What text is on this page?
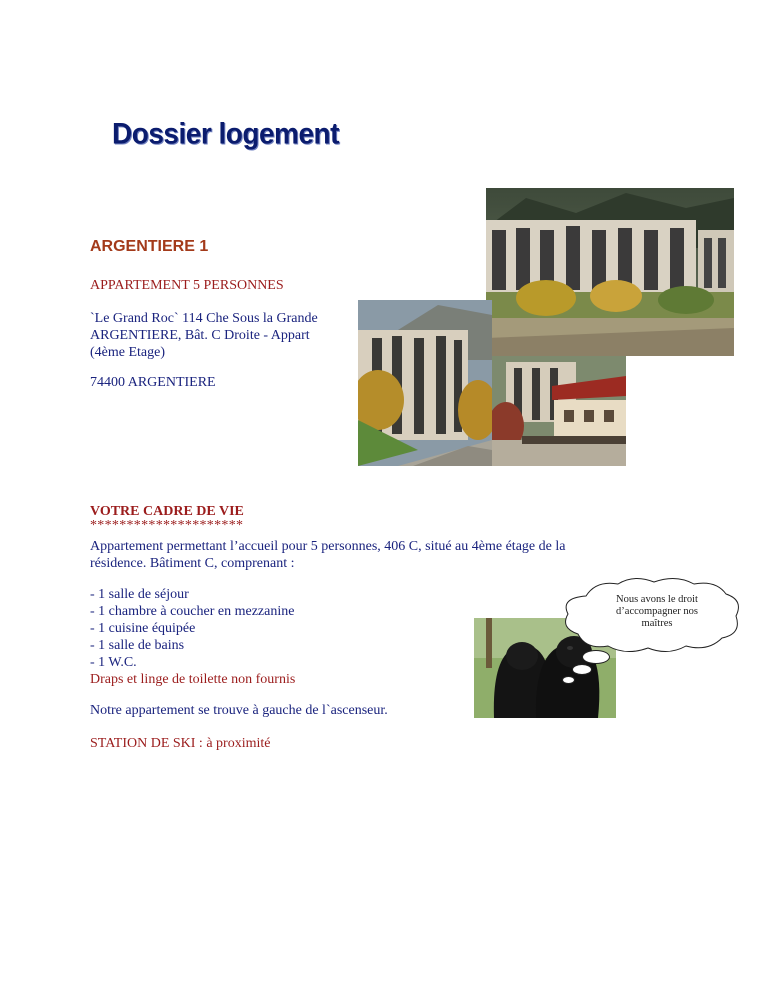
Dossier logement
ARGENTIERE 1
APPARTEMENT 5 PERSONNES
`Le Grand Roc` 114 Che Sous la Grande
ARGENTIERE, Bât. C Droite - Appart
(4ème Etage)
74400 ARGENTIERE
VOTRE CADRE DE VIE
*********************
Appartement permettant l’accueil pour 5 personnes, 406 C, situé au 4ème étage de la
résidence. Bâtiment C, comprenant :
- 1 salle de séjour
- 1 chambre à coucher en mezzanine
- 1 cuisine équipée
- 1 salle de bains
- 1 W.C.
Draps et linge de toilette non fournis
Notre appartement se trouve à gauche de l`ascenseur.
STATION DE SKI : à proximité
Nous avons le droit
d’accompagner nos
maîtres
